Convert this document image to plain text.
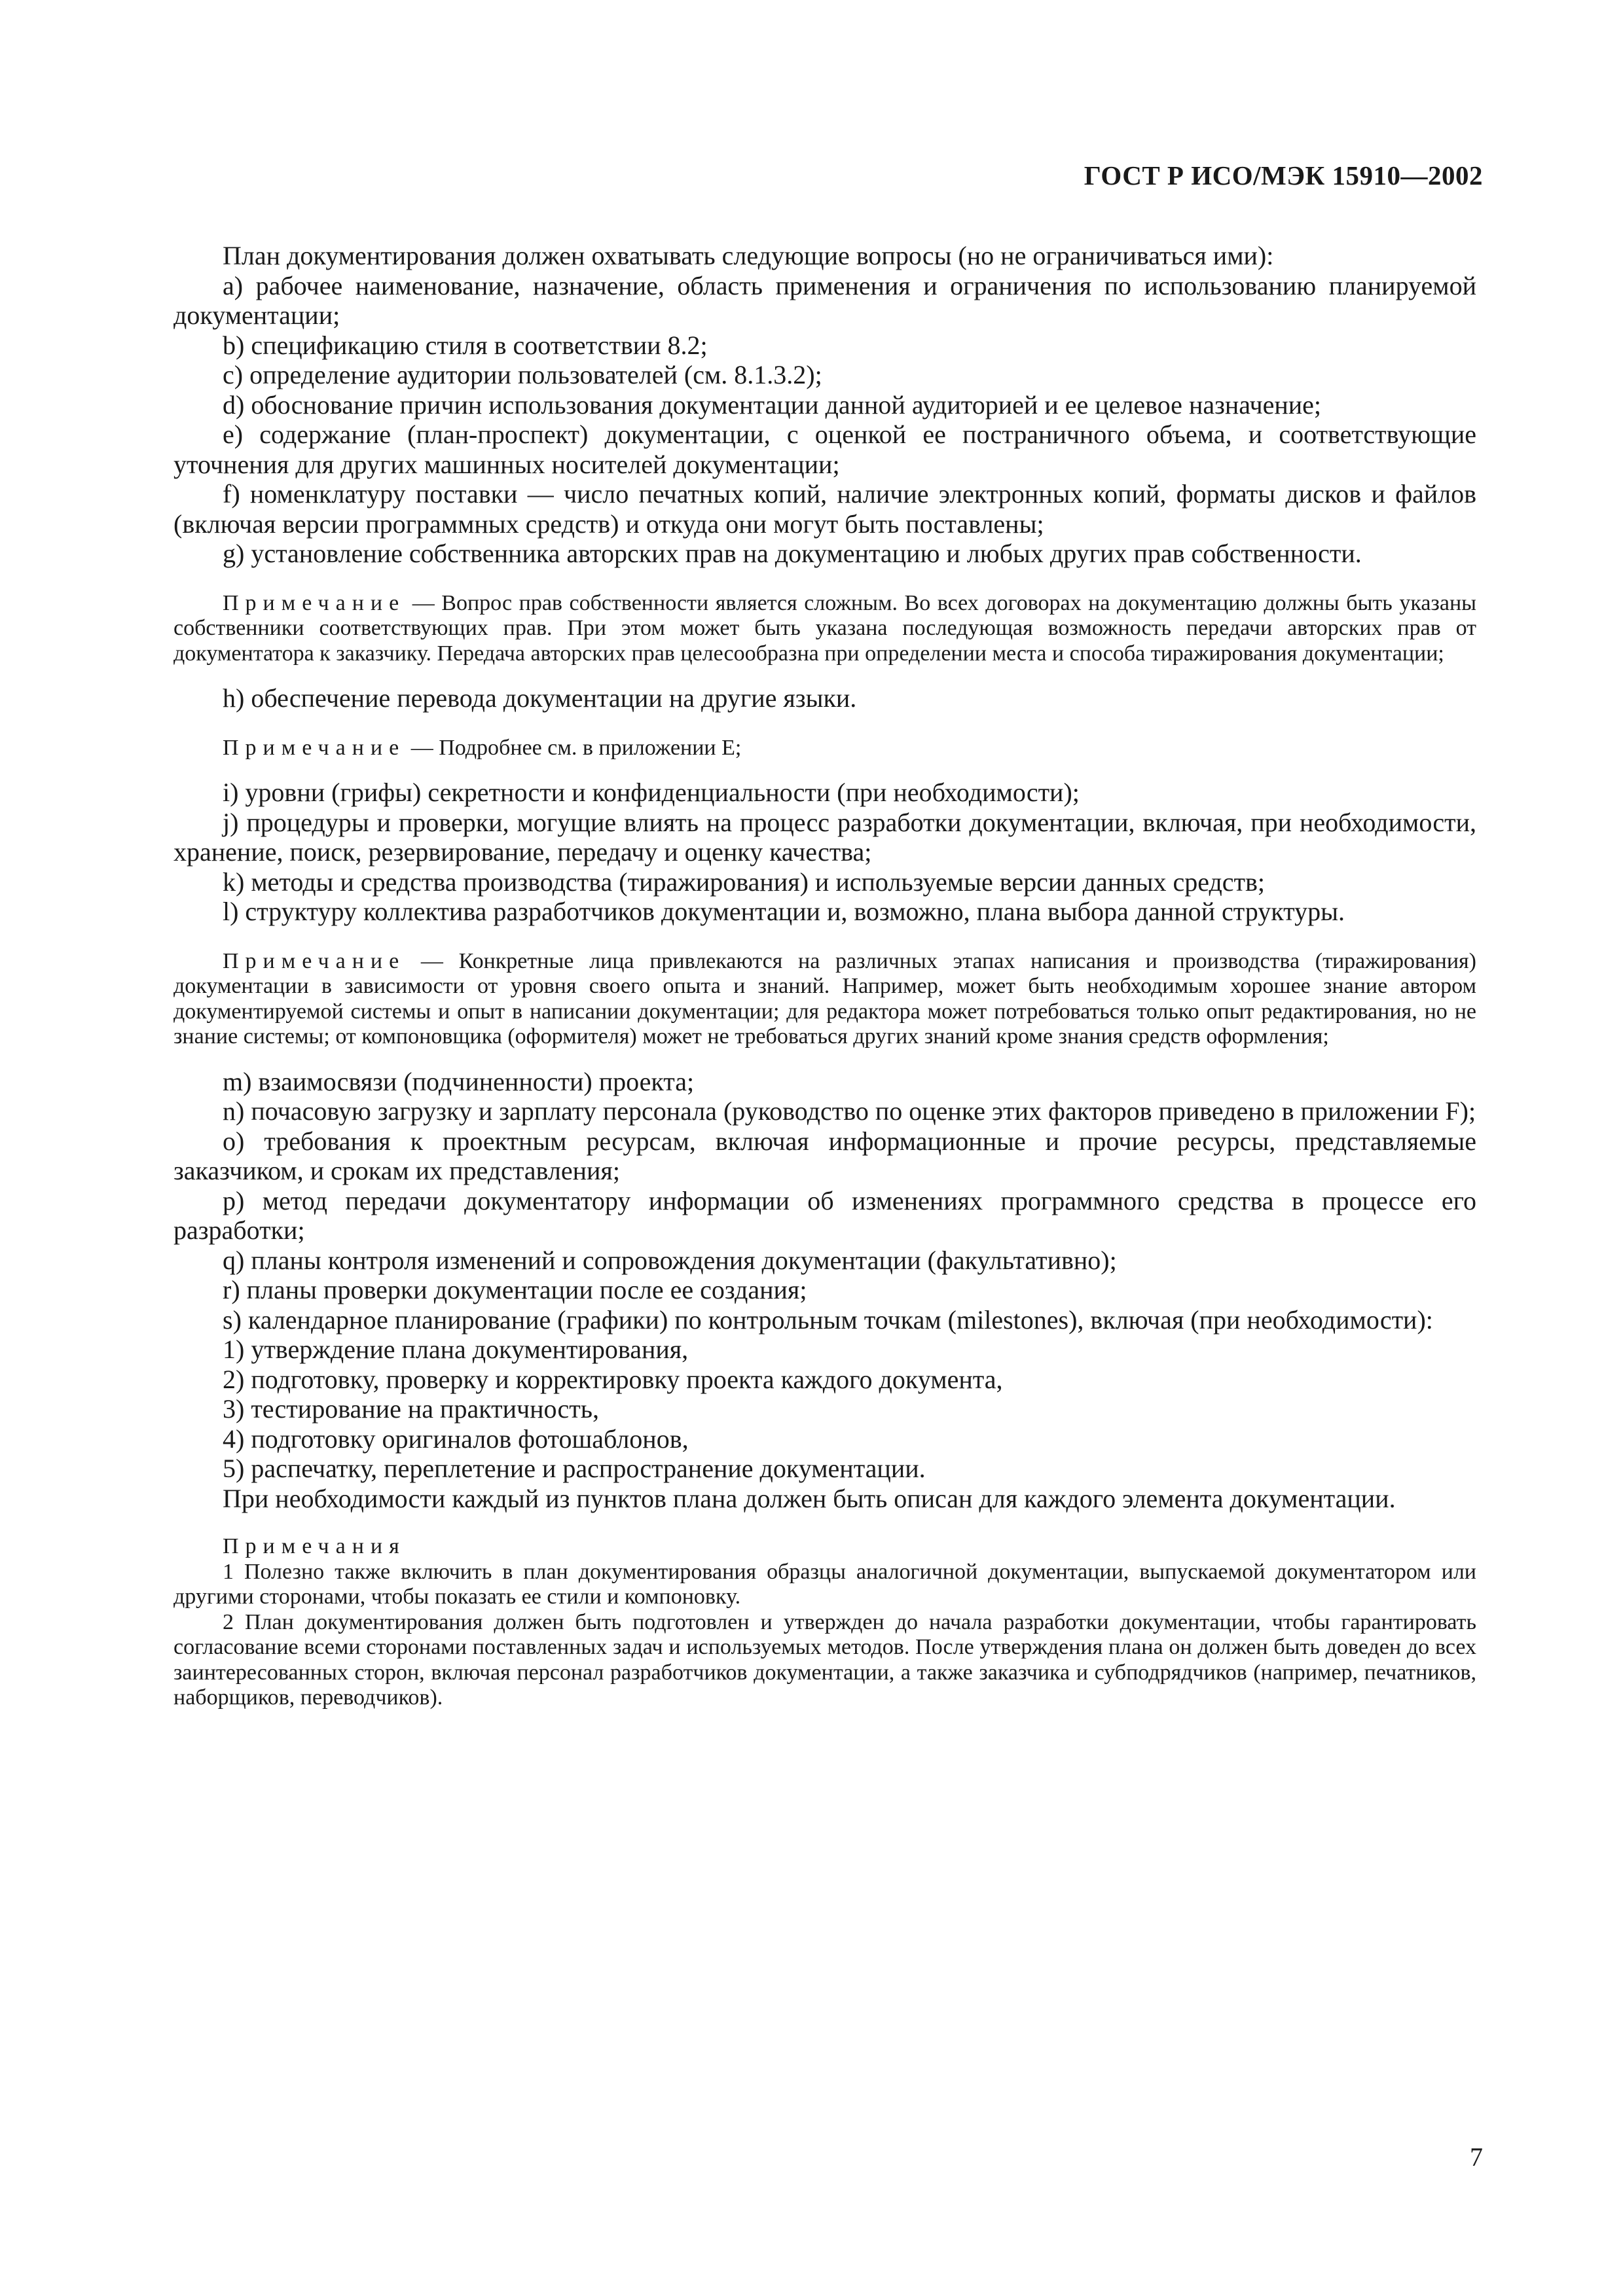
ГОСТ Р ИСО/МЭК 15910—2002

План документирования должен охватывать следующие вопросы (но не ограничиваться ими):

a) рабочее наименование, назначение, область применения и ограничения по использованию планируемой документации;

b) спецификацию стиля в соответствии 8.2;

c) определение аудитории пользователей (см. 8.1.3.2);

d) обоснование причин использования документации данной аудиторией и ее целевое назначение;

e) содержание (план-проспект) документации, с оценкой ее постраничного объема, и соответствующие уточнения для других машинных носителей документации;

f) номенклатуру поставки — число печатных копий, наличие электронных копий, форматы дисков и файлов (включая версии программных средств) и откуда они могут быть поставлены;

g) установление собственника авторских прав на документацию и любых других прав собственности.

Примечание — Вопрос прав собственности является сложным. Во всех договорах на документацию должны быть указаны собственники соответствующих прав. При этом может быть указана последующая возможность передачи авторских прав от документатора к заказчику. Передача авторских прав целесообразна при определении места и способа тиражирования документации;

h) обеспечение перевода документации на другие языки.

Примечание — Подробнее см. в приложении E;

i) уровни (грифы) секретности и конфиденциальности (при необходимости);

j) процедуры и проверки, могущие влиять на процесс разработки документации, включая, при необходимости, хранение, поиск, резервирование, передачу и оценку качества;

k) методы и средства производства (тиражирования) и используемые версии данных средств;

l) структуру коллектива разработчиков документации и, возможно, плана выбора данной структуры.

Примечание — Конкретные лица привлекаются на различных этапах написания и производства (тиражирования) документации в зависимости от уровня своего опыта и знаний. Например, может быть необходимым хорошее знание автором документируемой системы и опыт в написании документации; для редактора может потребоваться только опыт редактирования, но не знание системы; от компоновщика (оформителя) может не требоваться других знаний кроме знания средств оформления;

m) взаимосвязи (подчиненности) проекта;

n) почасовую загрузку и зарплату персонала (руководство по оценке этих факторов приведено в приложении F);

o) требования к проектным ресурсам, включая информационные и прочие ресурсы, представляемые заказчиком, и срокам их представления;

p) метод передачи документатору информации об изменениях программного средства в процессе его разработки;

q) планы контроля изменений и сопровождения документации (факультативно);

r) планы проверки документации после ее создания;

s) календарное планирование (графики) по контрольным точкам (milestones), включая (при необходимости):

1) утверждение плана документирования,

2) подготовку, проверку и корректировку проекта каждого документа,

3) тестирование на практичность,

4) подготовку оригиналов фотошаблонов,

5) распечатку, переплетение и распространение документации.

При необходимости каждый из пунктов плана должен быть описан для каждого элемента документации.

Примечания

1 Полезно также включить в план документирования образцы аналогичной документации, выпускаемой документатором или другими сторонами, чтобы показать ее стили и компоновку.

2 План документирования должен быть подготовлен и утвержден до начала разработки документации, чтобы гарантировать согласование всеми сторонами поставленных задач и используемых методов. После утверждения плана он должен быть доведен до всех заинтересованных сторон, включая персонал разработчиков документации, а также заказчика и субподрядчиков (например, печатников, наборщиков, переводчиков).

7
